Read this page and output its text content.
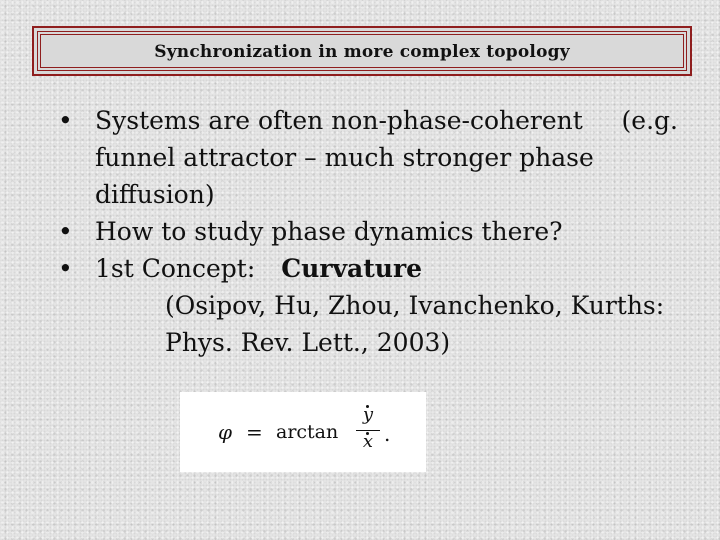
Synchronization in more complex topology
• Systems are often non-phase-coherent (e.g.
funnel attractor – much stronger phase
diffusion)
• How to study phase dynamics there?
• 1st Concept: Curvature
(Osipov, Hu, Zhou, Ivanchenko, Kurths:
Phys. Rev. Lett., 2003)
φ = arctan
y
x .
